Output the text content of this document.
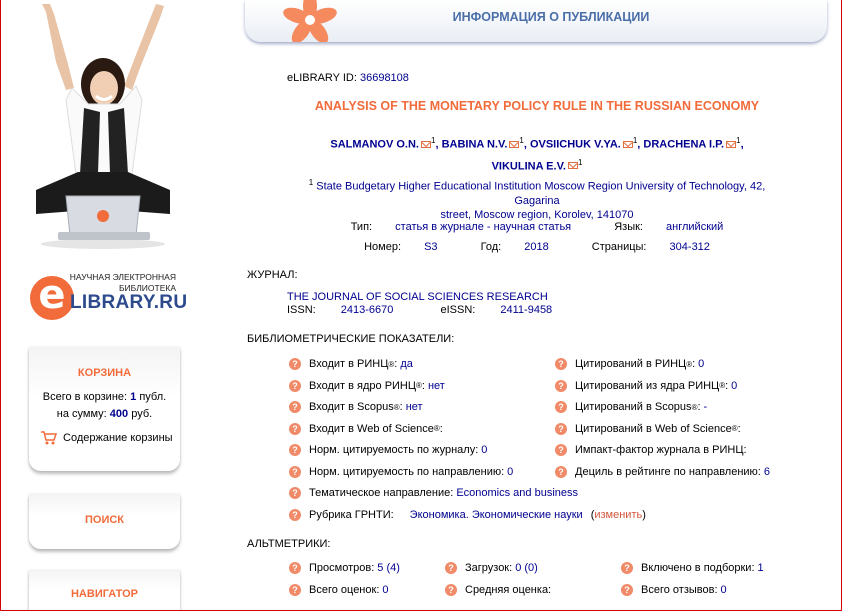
e НАУЧНАЯ ЭЛЕКТРОННАЯ
БИБЛИОТЕКА
LIBRARY.RU
КОРЗИНА
Всего в корзине: 1 публ.
на сумму: 400 руб.
Содержание корзины
ПОИСК
НАВИГАТОР
ИНФОРМАЦИЯ О ПУБЛИКАЦИИ
eLIBRARY ID: 36698108
ANALYSIS OF THE MONETARY POLICY RULE IN THE RUSSIAN ECONOMY
SALMANOV O.N. $^1$, BABINA N.V. $^1$, OVSIICHUK V.YA. $^1$, DRACHENA I.P. $^1$,
VIKULINA E.V. $^1$
$^1$ State Budgetary Higher Educational Institution Moscow Region University of Technology, 42, Gagarina
street, Moscow region, Korolev, 141070
Тип: статья в журнале - научная статья	Язык: английский
Номер: S3	Год: 2018	Страницы: 304-312
ЖУРНАЛ:
THE JOURNAL OF SOCIAL SCIENCES RESEARCH
ISSN: 2413-6670	eISSN: 2411-9458
БИБЛИОМЕТРИЧЕСКИЕ ПОКАЗАТЕЛИ:
? Входит в РИНЦ ® : да	? Цитирований в РИНЦ ® : 0
? Входит в ядро РИНЦ ® : нет	? Цитирований из ядра РИНЦ ® : 0
? Входит в Scopus ® : нет	? Цитирований в Scopus ® : -
? Входит в Web of Science ® :	? Цитирований в Web of Science ® :
? Норм. цитируемость по журналу: 0	? Импакт-фактор журнала в РИНЦ:
? Норм. цитируемость по направлению: 0	? Дециль в рейтинге по направлению: 6
? Тематическое направление: Economics and business
? Рубрика ГРНТИ: Экономика. Экономические науки ( изменить )
АЛЬТМЕТРИКИ:
? Просмотров: 5 (4)	? Загрузок: 0 (0)	? Включено в подборки: 1
? Всего оценок: 0	? Средняя оценка:	? Всего отзывов: 0
